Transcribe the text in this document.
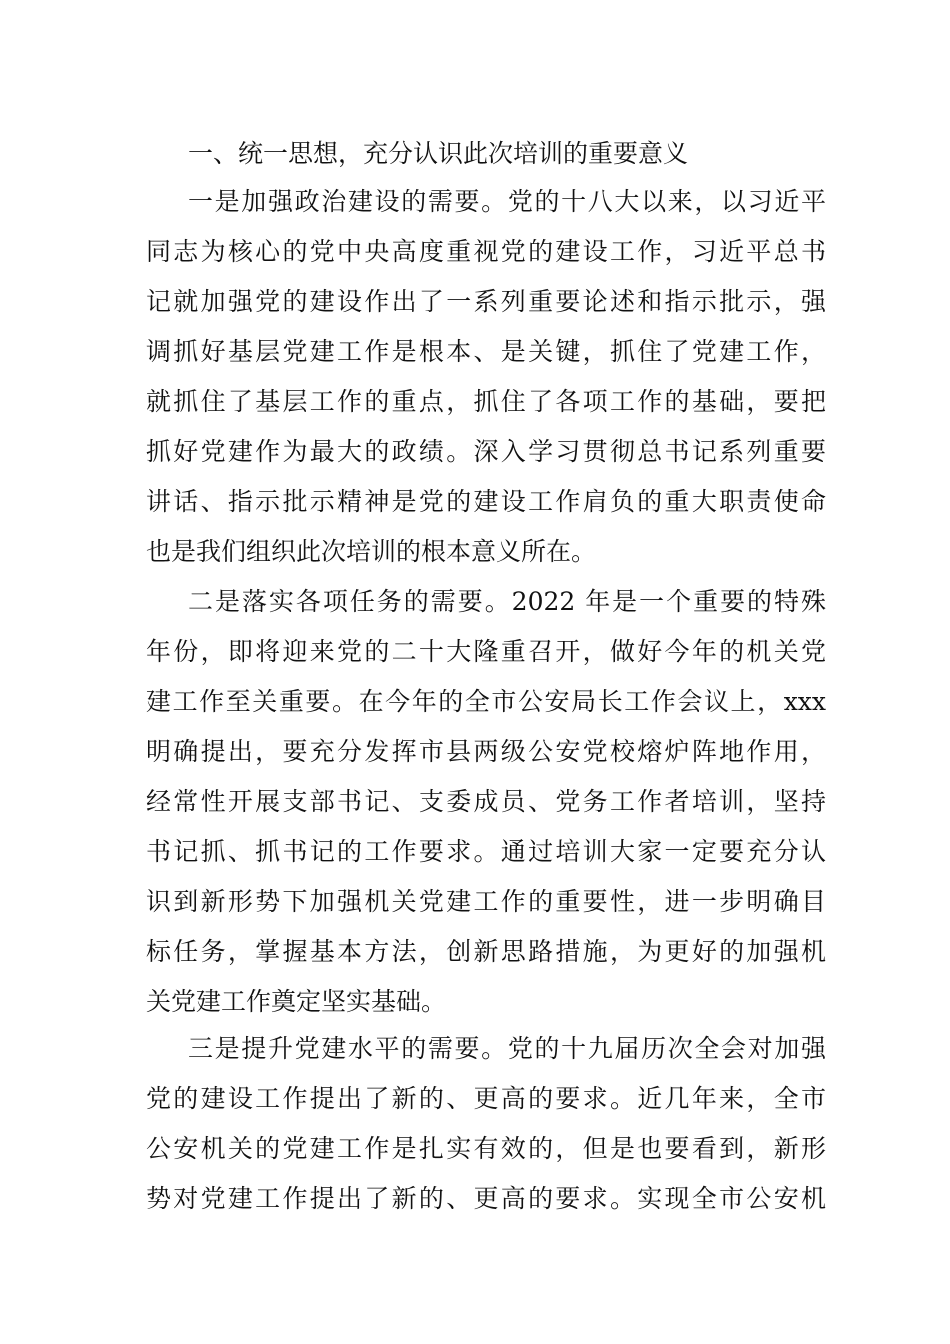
一、统一思想，充分认识此次培训的重要意义
一是加强政治建设的需要。党的十八大以来，以习近平
同志为核心的党中央高度重视党的建设工作，习近平总书
记就加强党的建设作出了一系列重要论述和指示批示，强
调抓好基层党建工作是根本、是关键，抓住了党建工作，
就抓住了基层工作的重点，抓住了各项工作的基础，要把
抓好党建作为最大的政绩。深入学习贯彻总书记系列重要
讲话、指示批示精神是党的建设工作肩负的重大职责使命
也是我们组织此次培训的根本意义所在。
二是落实各项任务的需要。2022 年是一个重要的特殊
年份，即将迎来党的二十大隆重召开，做好今年的机关党
建工作至关重要。在今年的全市公安局长工作会议上，xxx
明确提出，要充分发挥市县两级公安党校熔炉阵地作用，
经常性开展支部书记、支委成员、党务工作者培训，坚持
书记抓、抓书记的工作要求。通过培训大家一定要充分认
识到新形势下加强机关党建工作的重要性，进一步明确目
标任务，掌握基本方法，创新思路措施，为更好的加强机
关党建工作奠定坚实基础。
三是提升党建水平的需要。党的十九届历次全会对加强
党的建设工作提出了新的、更高的要求。近几年来，全市
公安机关的党建工作是扎实有效的，但是也要看到，新形
势对党建工作提出了新的、更高的要求。实现全市公安机
